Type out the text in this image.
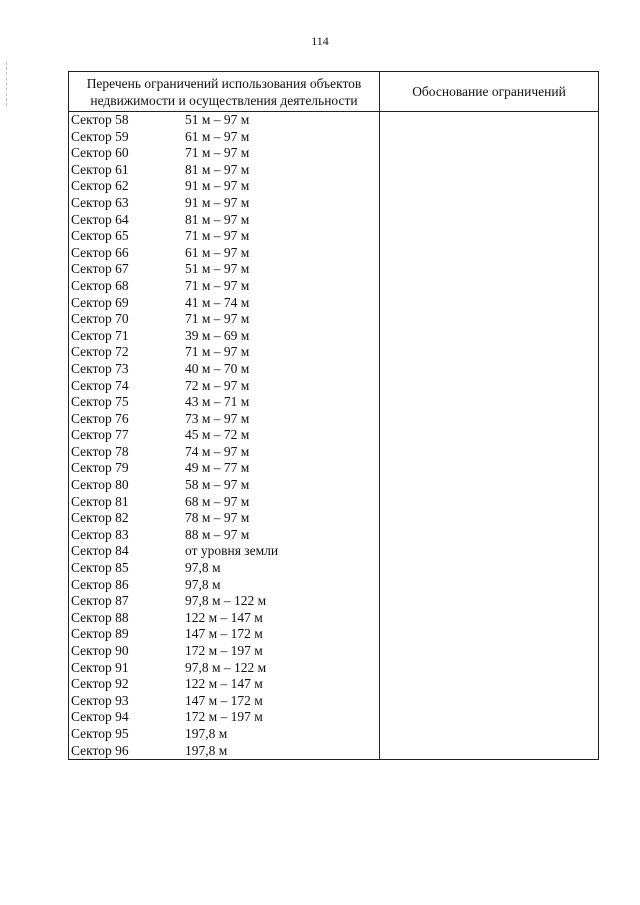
114
Перечень ограничений использования объектов
недвижимости и осуществления деятельности	Обоснование ограничений
Сектор 58 51 м – 97 м	
Сектор 59 61 м – 97 м	
Сектор 60 71 м – 97 м	
Сектор 61 81 м – 97 м	
Сектор 62 91 м – 97 м	
Сектор 63 91 м – 97 м	
Сектор 64 81 м – 97 м	
Сектор 65 71 м – 97 м	
Сектор 66 61 м – 97 м	
Сектор 67 51 м – 97 м	
Сектор 68 71 м – 97 м	
Сектор 69 41 м – 74 м	
Сектор 70 71 м – 97 м	
Сектор 71 39 м – 69 м	
Сектор 72 71 м – 97 м	
Сектор 73 40 м – 70 м	
Сектор 74 72 м – 97 м	
Сектор 75 43 м – 71 м	
Сектор 76 73 м – 97 м	
Сектор 77 45 м – 72 м	
Сектор 78 74 м – 97 м	
Сектор 79 49 м – 77 м	
Сектор 80 58 м – 97 м	
Сектор 81 68 м – 97 м	
Сектор 82 78 м – 97 м	
Сектор 83 88 м – 97 м	
Сектор 84 от уровня земли	
Сектор 85 97,8 м	
Сектор 86 97,8 м	
Сектор 87 97,8 м – 122 м	
Сектор 88 122 м – 147 м	
Сектор 89 147 м – 172 м	
Сектор 90 172 м – 197 м	
Сектор 91 97,8 м – 122 м	
Сектор 92 122 м – 147 м	
Сектор 93 147 м – 172 м	
Сектор 94 172 м – 197 м	
Сектор 95 197,8 м	
Сектор 96 197,8 м	
